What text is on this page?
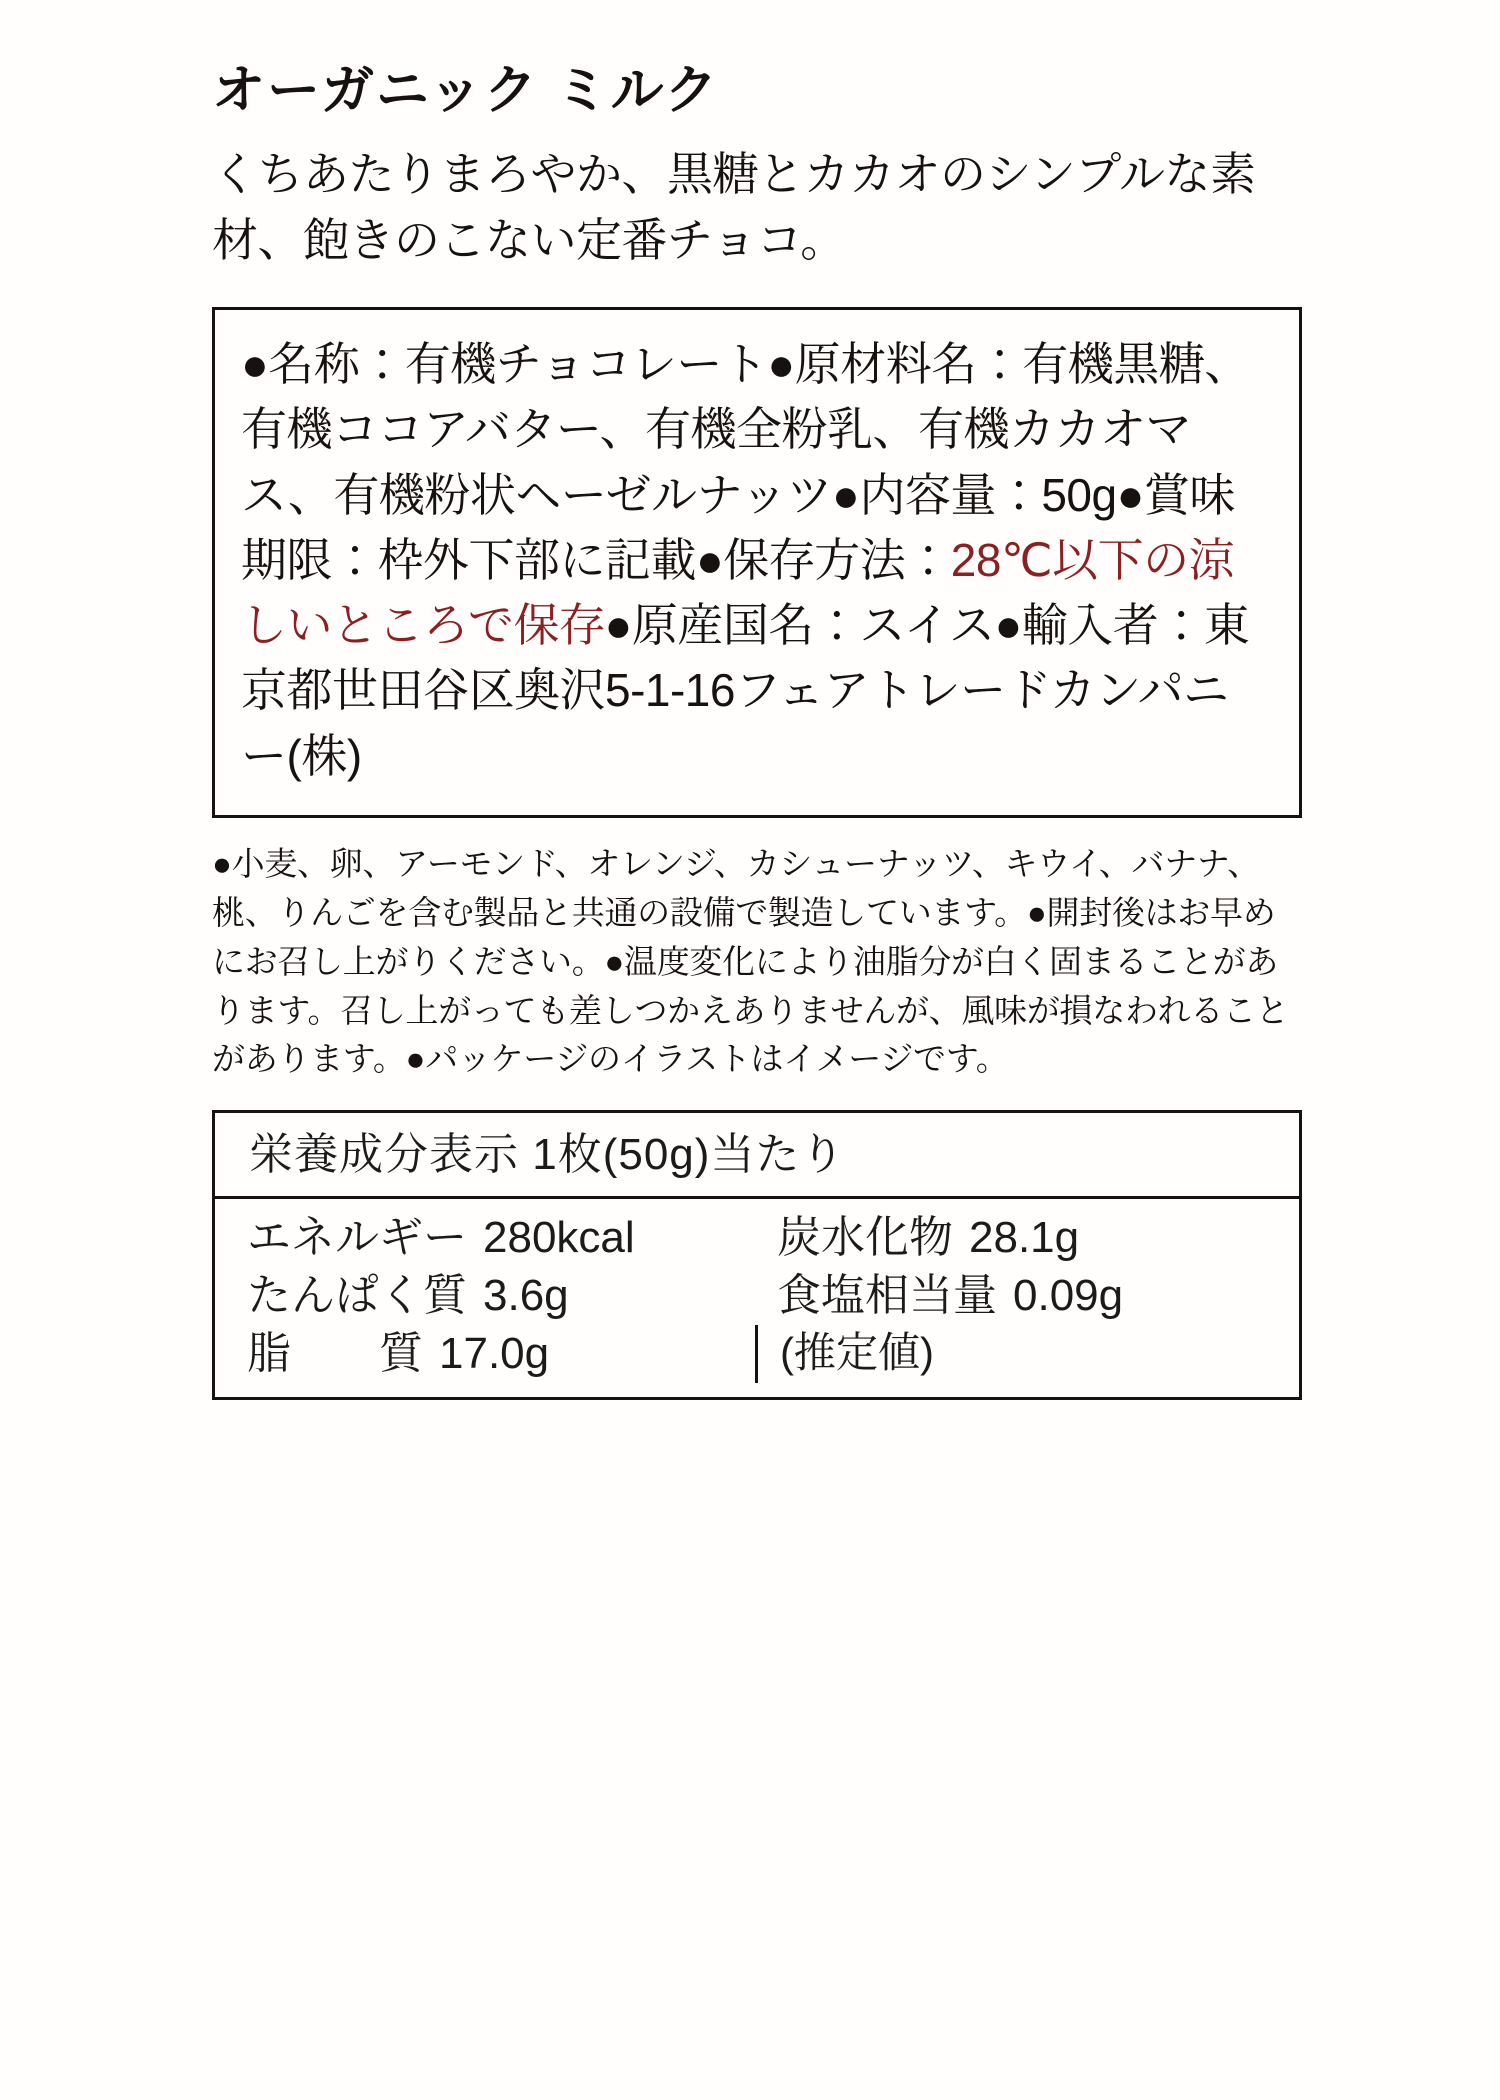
オーガニック ミルク

くちあたりまろやか、黒糖とカカオのシンプルな素材、飽きのこない定番チョコ。

●名称：有機チョコレート●原材料名：有機黒糖、有機ココアバター、有機全粉乳、有機カカオマス、有機粉状ヘーゼルナッツ●内容量：50g●賞味期限：枠外下部に記載●保存方法：28℃以下の涼しいところで保存●原産国名：スイス●輸入者：東京都世田谷区奥沢5-1-16フェアトレードカンパニー(株)

●小麦、卵、アーモンド、オレンジ、カシューナッツ、キウイ、バナナ、桃、りんごを含む製品と共通の設備で製造しています。●開封後はお早めにお召し上がりください。●温度変化により油脂分が白く固まることがあります。召し上がっても差しつかえありませんが、風味が損なわれることがあります。●パッケージのイラストはイメージです。

栄養成分表示 1枚(50g)当たり
エネルギー 280kcal	炭水化物 28.1g
たんぱく質 3.6g	食塩相当量 0.09g
脂　　質 17.0g	(推定値)
